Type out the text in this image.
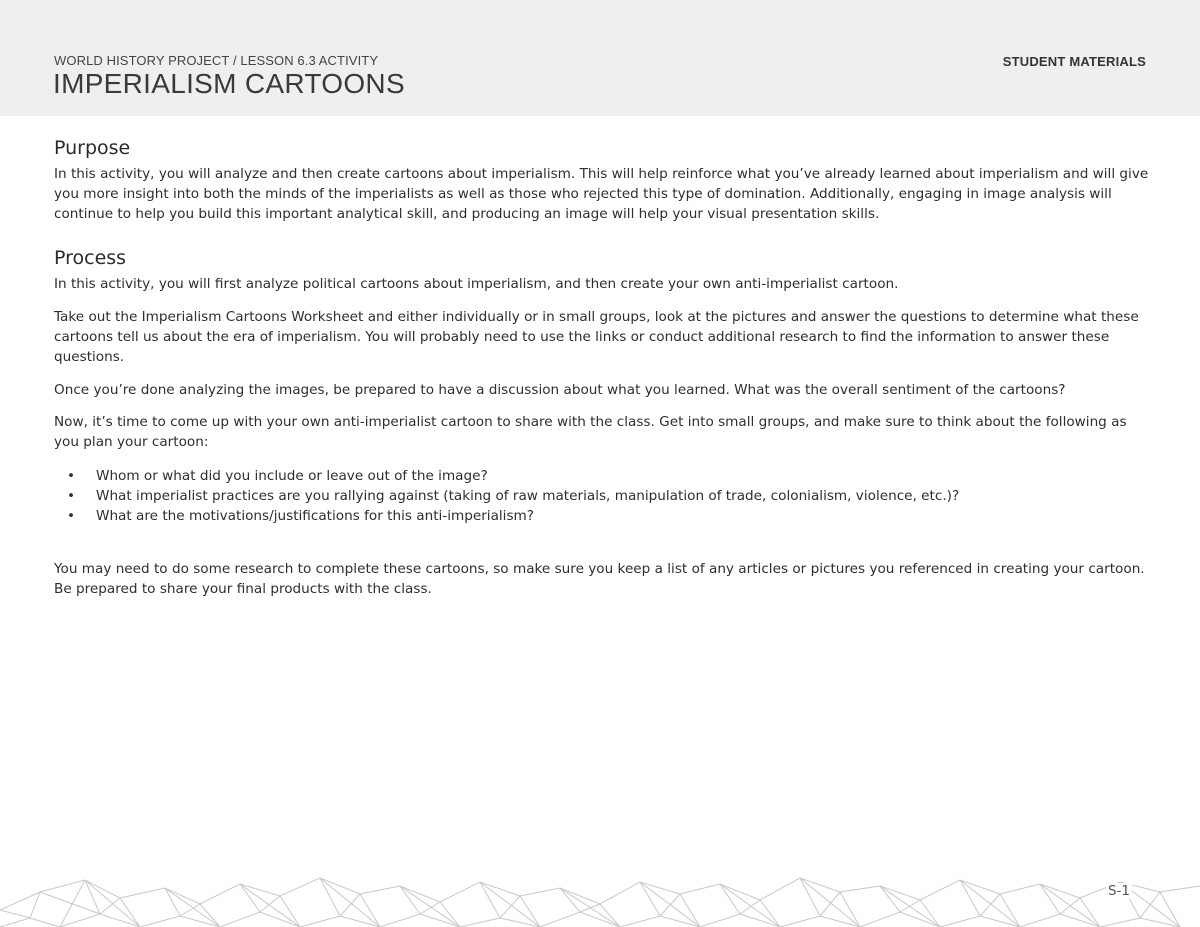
WORLD HISTORY PROJECT / LESSON 6.3 ACTIVITY
IMPERIALISM CARTOONS
STUDENT MATERIALS
Purpose

In this activity, you will analyze and then create cartoons about imperialism. This will help reinforce what you’ve already learned about imperialism and will give you more insight into both the minds of the imperialists as well as those who rejected this type of domination. Additionally, engaging in image analysis will continue to help you build this important analytical skill, and producing an image will help your visual presentation skills.

Process

In this activity, you will first analyze political cartoons about imperialism, and then create your own anti-imperialist cartoon.

Take out the Imperialism Cartoons Worksheet and either individually or in small groups, look at the pictures and answer the questions to determine what these cartoons tell us about the era of imperialism. You will probably need to use the links or conduct additional research to find the information to answer these questions.

Once you’re done analyzing the images, be prepared to have a discussion about what you learned. What was the overall sentiment of the cartoons?

Now, it’s time to come up with your own anti-imperialist cartoon to share with the class. Get into small groups, and make sure to think about the following as you plan your cartoon:

• Whom or what did you include or leave out of the image?
• What imperialist practices are you rallying against (taking of raw materials, manipulation of trade, colonialism, violence, etc.)?
• What are the motivations/justifications for this anti-imperialism?

You may need to do some research to complete these cartoons, so make sure you keep a list of any articles or pictures you referenced in creating your cartoon. Be prepared to share your final products with the class.

S-1
